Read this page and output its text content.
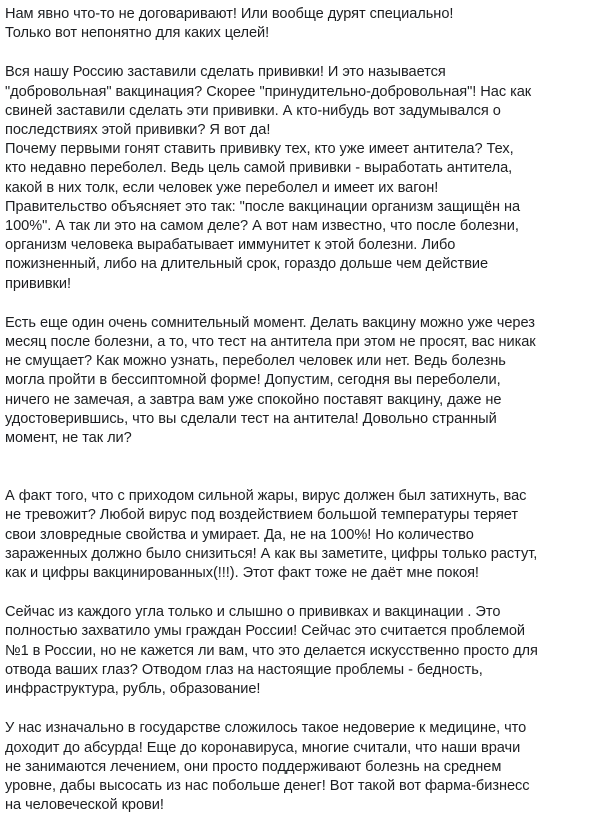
Нам явно что-то не договаривают! Или вообще дурят специально!
Только вот непонятно для каких целей!
Вся нашу Россию заставили сделать прививки! И это называется
"добровольная" вакцинация? Скорее "принудительно-добровольная"! Нас как
свиней заставили сделать эти прививки. А кто-нибудь вот задумывался о
последствиях этой прививки? Я вот да!
Почему первыми гонят ставить прививку тех, кто уже имеет антитела? Тех,
кто недавно переболел. Ведь цель самой прививки - выработать антитела,
какой в них толк, если человек уже переболел и имеет их вагон!
Правительство объясняет это так: "после вакцинации организм защищён на
100%". А так ли это на самом деле? А вот нам известно, что после болезни,
организм человека вырабатывает иммунитет к этой болезни. Либо
пожизненный, либо на длительный срок, гораздо дольше чем действие
прививки!
Есть еще один очень сомнительный момент. Делать вакцину можно уже через
месяц после болезни, а то, что тест на антитела при этом не просят, вас никак
не смущает? Как можно узнать, переболел человек или нет. Ведь болезнь
могла пройти в бессиптомной форме! Допустим, сегодня вы переболели,
ничего не замечая, а завтра вам уже спокойно поставят вакцину, даже не
удостоверившись, что вы сделали тест на антитела! Довольно странный
момент, не так ли?
А факт того, что с приходом сильной жары, вирус должен был затихнуть, вас
не тревожит? Любой вирус под воздействием большой температуры теряет
свои зловредные свойства и умирает. Да, не на 100%! Но количество
зараженных должно было снизиться! А как вы заметите, цифры только растут,
как и цифры вакцинированных(!!!). Этот факт тоже не даёт мне покоя!
Сейчас из каждого угла только и слышно о прививках и вакцинации . Это
полностью захватило умы граждан России! Сейчас это считается проблемой
№1 в России, но не кажется ли вам, что это делается искусственно просто для
отвода ваших глаз? Отводом глаз на настоящие проблемы - бедность,
инфраструктура, рубль, образование!
У нас изначально в государстве сложилось такое недоверие к медицине, что
доходит до абсурда! Еще до коронавируса, многие считали, что наши врачи
не занимаются лечением, они просто поддерживают болезнь на среднем
уровне, дабы высосать из нас побольше денег! Вот такой вот фарма-бизнесс
на человеческой крови!
